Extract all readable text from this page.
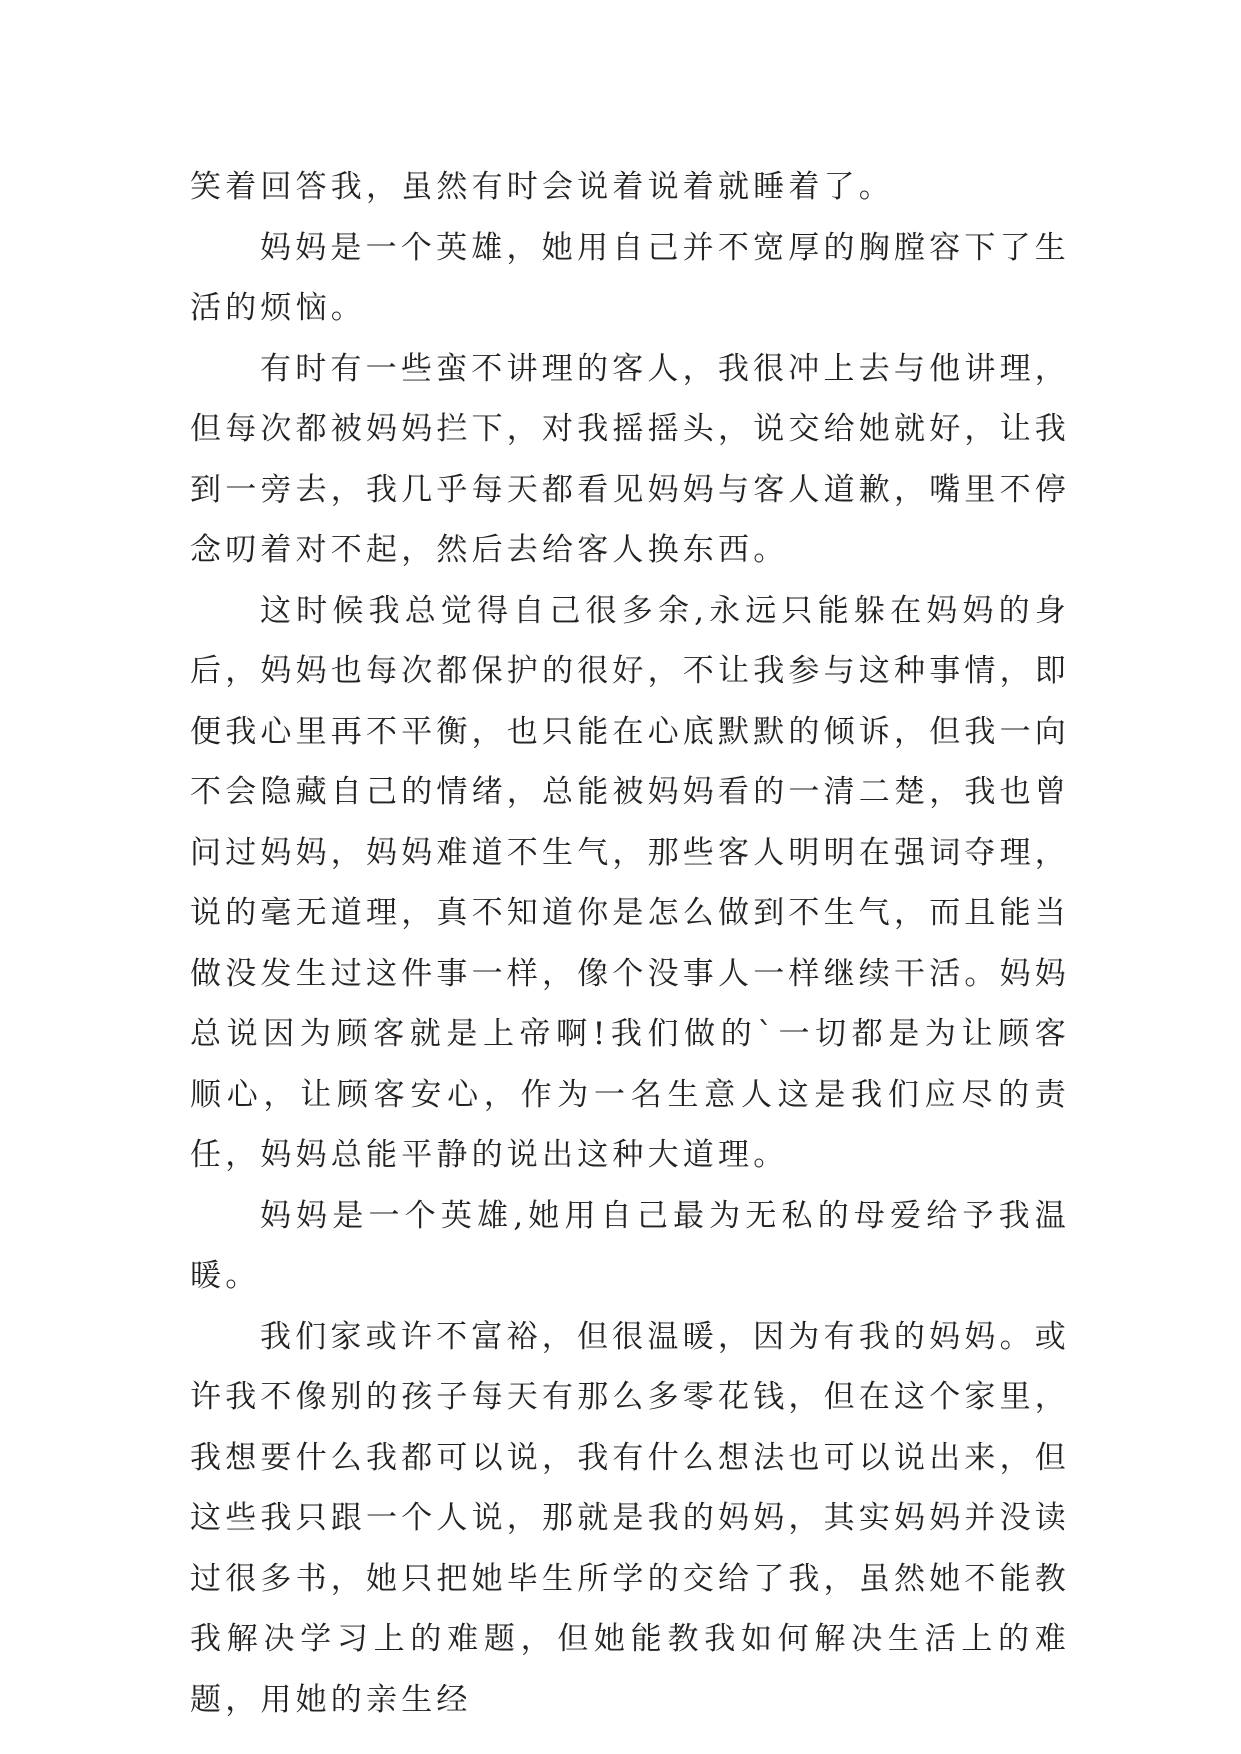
笑着回答我，虽然有时会说着说着就睡着了。

妈妈是一个英雄，她用自己并不宽厚的胸膛容下了生活的烦恼。

有时有一些蛮不讲理的客人，我很冲上去与他讲理，但每次都被妈妈拦下，对我摇摇头，说交给她就好，让我到一旁去，我几乎每天都看见妈妈与客人道歉，嘴里不停念叨着对不起，然后去给客人换东西。

这时候我总觉得自己很多余,永远只能躲在妈妈的身后，妈妈也每次都保护的很好，不让我参与这种事情，即便我心里再不平衡，也只能在心底默默的倾诉，但我一向不会隐藏自己的情绪，总能被妈妈看的一清二楚，我也曾问过妈妈，妈妈难道不生气，那些客人明明在强词夺理，说的毫无道理，真不知道你是怎么做到不生气，而且能当做没发生过这件事一样，像个没事人一样继续干活。妈妈总说因为顾客就是上帝啊!我们做的`一切都是为让顾客顺心，让顾客安心，作为一名生意人这是我们应尽的责任，妈妈总能平静的说出这种大道理。

妈妈是一个英雄,她用自己最为无私的母爱给予我温暖。

我们家或许不富裕，但很温暖，因为有我的妈妈。或许我不像别的孩子每天有那么多零花钱，但在这个家里，我想要什么我都可以说，我有什么想法也可以说出来，但这些我只跟一个人说，那就是我的妈妈，其实妈妈并没读过很多书，她只把她毕生所学的交给了我，虽然她不能教我解决学习上的难题，但她能教我如何解决生活上的难题，用她的亲生经
